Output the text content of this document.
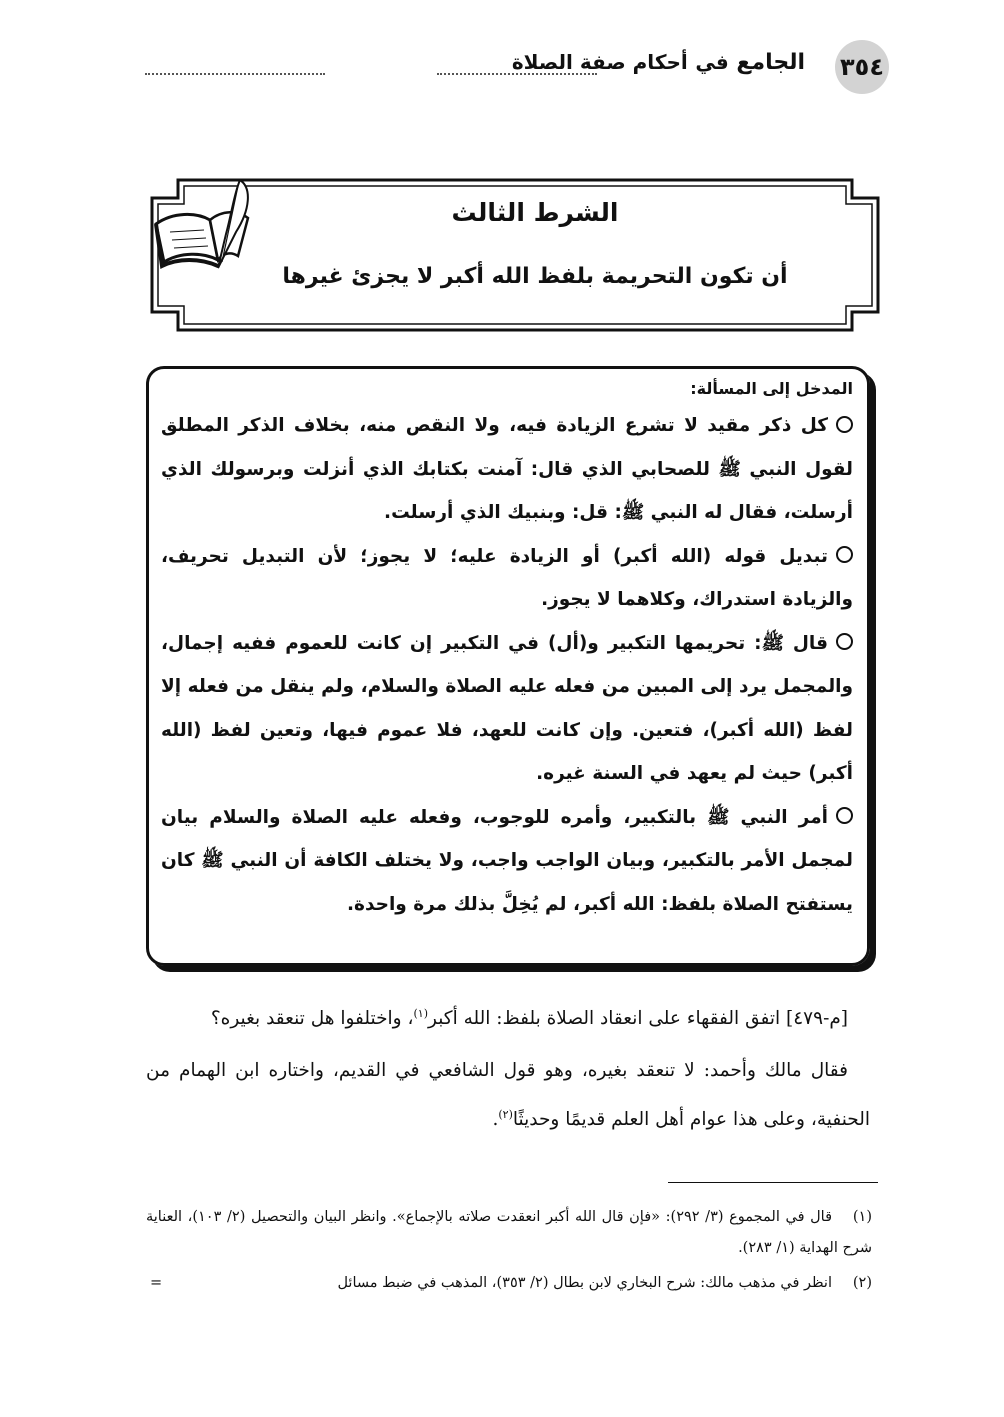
٣٥٤
الجامع في أحكام صفة الصلاة
الشرط الثالث
أن تكون التحريمة بلفظ الله أكبر لا يجزئ غيرها
المدخل إلى المسألة:

كل ذكر مقيد لا تشرع الزيادة فيه، ولا النقص منه، بخلاف الذكر المطلق لقول النبي ﷺ للصحابي الذي قال: آمنت بكتابك الذي أنزلت وبرسولك الذي أرسلت، فقال له النبي ﷺ: قل: وبنبيك الذي أرسلت.

تبديل قوله (الله أكبر) أو الزيادة عليه؛ لا يجوز؛ لأن التبديل تحريف، والزيادة استدراك، وكلاهما لا يجوز.

قال ﷺ: تحريمها التكبير و(أل) في التكبير إن كانت للعموم ففيه إجمال، والمجمل يرد إلى المبين من فعله عليه الصلاة والسلام، ولم ينقل من فعله إلا لفظ (الله أكبر)، فتعين. وإن كانت للعهد، فلا عموم فيها، وتعين لفظ (الله أكبر) حيث لم يعهد في السنة غيره.

أمر النبي ﷺ بالتكبير، وأمره للوجوب، وفعله عليه الصلاة والسلام بيان لمجمل الأمر بالتكبير، وبيان الواجب واجب، ولا يختلف الكافة أن النبي ﷺ كان يستفتح الصلاة بلفظ: الله أكبر، لم يُخِلَّ بذلك مرة واحدة.

[م-٤٧٩] اتفق الفقهاء على انعقاد الصلاة بلفظ: الله أكبر$^{(١)}$، واختلفوا هل تنعقد بغيره؟

فقال مالك وأحمد: لا تنعقد بغيره، وهو قول الشافعي في القديم، واختاره ابن الهمام من الحنفية، وعلى هذا عوام أهل العلم قديمًا وحديثًا$^{(٢)}$.

(١)قال في المجموع (٣/ ٢٩٢): «فإن قال الله أكبر انعقدت صلاته بالإجماع». وانظر البيان والتحصيل (٢/ ١٠٣)، العناية شرح الهداية (١/ ٢٨٣).

(٢)انظر في مذهب مالك: شرح البخاري لابن بطال (٢/ ٣٥٣)، المذهب في ضبط مسائل
=
